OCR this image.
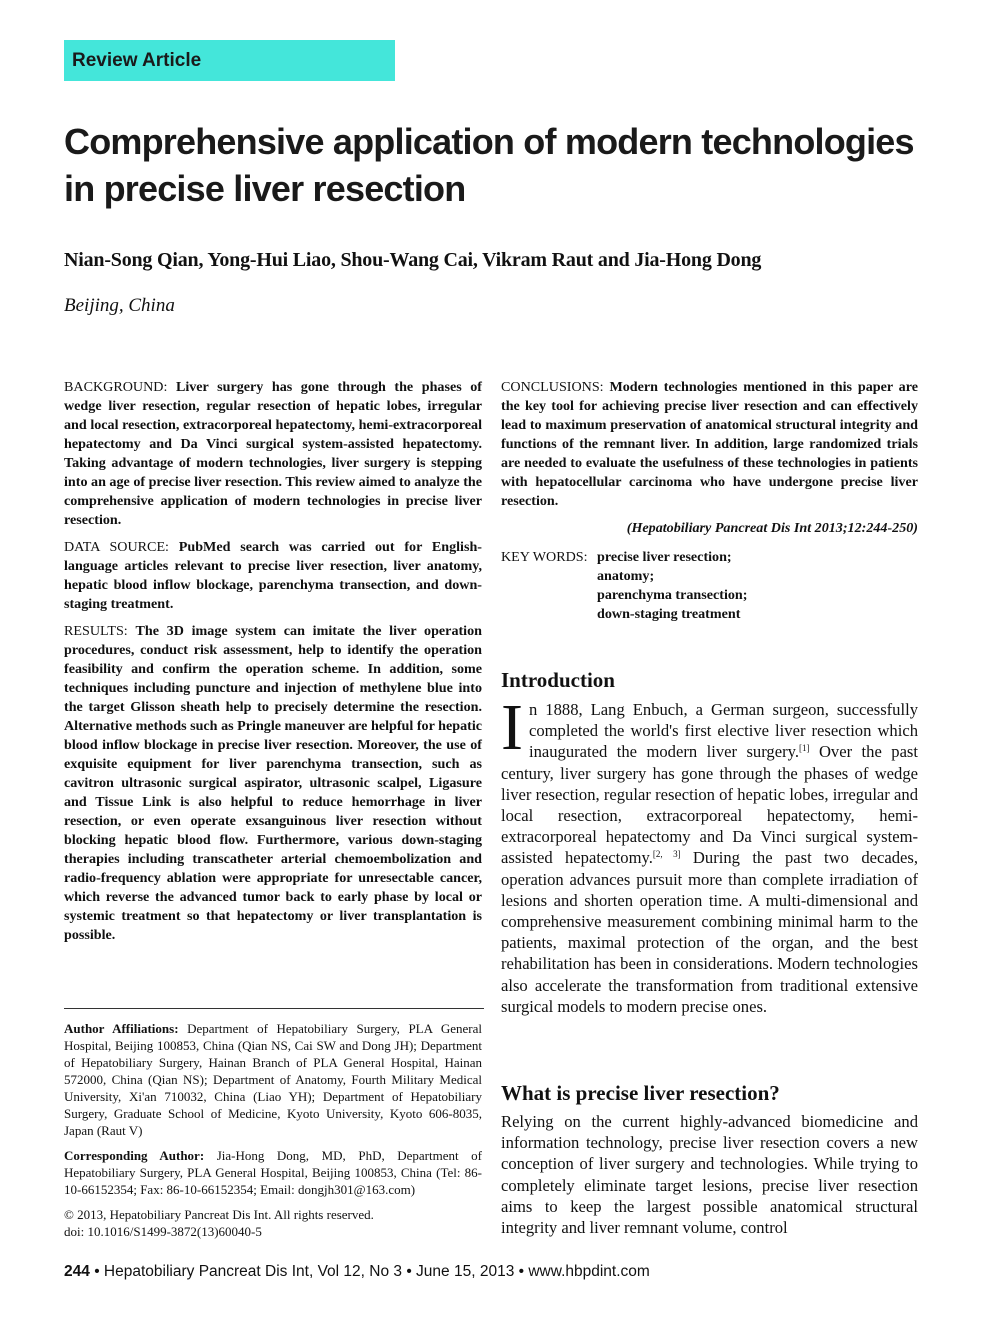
Review Article
Comprehensive application of modern technologies in precise liver resection
Nian-Song Qian, Yong-Hui Liao, Shou-Wang Cai, Vikram Raut and Jia-Hong Dong
Beijing, China

BACKGROUND: Liver surgery has gone through the phases of wedge liver resection, regular resection of hepatic lobes, irregular and local resection, extracorporeal hepatectomy, hemi-extracorporeal hepatectomy and Da Vinci surgical system-assisted hepatectomy. Taking advantage of modern technologies, liver surgery is stepping into an age of precise liver resection. This review aimed to analyze the comprehensive application of modern technologies in precise liver resection.

DATA SOURCE: PubMed search was carried out for English-language articles relevant to precise liver resection, liver anatomy, hepatic blood inflow blockage, parenchyma transection, and down-staging treatment.

RESULTS: The 3D image system can imitate the liver operation procedures, conduct risk assessment, help to identify the operation feasibility and confirm the operation scheme. In addition, some techniques including puncture and injection of methylene blue into the target Glisson sheath help to precisely determine the resection. Alternative methods such as Pringle maneuver are helpful for hepatic blood inflow blockage in precise liver resection. Moreover, the use of exquisite equipment for liver parenchyma transection, such as cavitron ultrasonic surgical aspirator, ultrasonic scalpel, Ligasure and Tissue Link is also helpful to reduce hemorrhage in liver resection, or even operate exsanguinous liver resection without blocking hepatic blood flow. Furthermore, various down-staging therapies including transcatheter arterial chemoembolization and radio-frequency ablation were appropriate for unresectable cancer, which reverse the advanced tumor back to early phase by local or systemic treatment so that hepatectomy or liver transplantation is possible.

CONCLUSIONS: Modern technologies mentioned in this paper are the key tool for achieving precise liver resection and can effectively lead to maximum preservation of anatomical structural integrity and functions of the remnant liver. In addition, large randomized trials are needed to evaluate the usefulness of these technologies in patients with hepatocellular carcinoma who have undergone precise liver resection.

(Hepatobiliary Pancreat Dis Int 2013;12:244-250)
KEY WORDS: precise liver resection;
anatomy;
parenchyma transection;
down-staging treatment

Author Affiliations: Department of Hepatobiliary Surgery, PLA General Hospital, Beijing 100853, China (Qian NS, Cai SW and Dong JH); Department of Hepatobiliary Surgery, Hainan Branch of PLA General Hospital, Hainan 572000, China (Qian NS); Department of Anatomy, Fourth Military Medical University, Xi'an 710032, China (Liao YH); Department of Hepatobiliary Surgery, Graduate School of Medicine, Kyoto University, Kyoto 606-8035, Japan (Raut V)

Corresponding Author: Jia-Hong Dong, MD, PhD, Department of Hepatobiliary Surgery, PLA General Hospital, Beijing 100853, China (Tel: 86-10-66152354; Fax: 86-10-66152354; Email: dongjh301@163.com)

© 2013, Hepatobiliary Pancreat Dis Int. All rights reserved.
doi: 10.1016/S1499-3872(13)60040-5
Introduction
In 1888, Lang Enbuch, a German surgeon, successfully completed the world's first elective liver resection which inaugurated the modern liver surgery.[1] Over the past century, liver surgery has gone through the phases of wedge liver resection, regular resection of hepatic lobes, irregular and local resection, extracorporeal hepatectomy, hemi-extracorporeal hepatectomy and Da Vinci surgical system-assisted hepatectomy.[2, 3] During the past two decades, operation advances pursuit more than complete irradiation of lesions and shorten operation time. A multi-dimensional and comprehensive measurement combining minimal harm to the patients, maximal protection of the organ, and the best rehabilitation has been in considerations. Modern technologies also accelerate the transformation from traditional extensive surgical models to modern precise ones.
What is precise liver resection?
Relying on the current highly-advanced biomedicine and information technology, precise liver resection covers a new conception of liver surgery and technologies. While trying to completely eliminate target lesions, precise liver resection aims to keep the largest possible anatomical structural integrity and liver remnant volume, control
244 • Hepatobiliary Pancreat Dis Int, Vol 12, No 3 • June 15, 2013 • www.hbpdint.com
